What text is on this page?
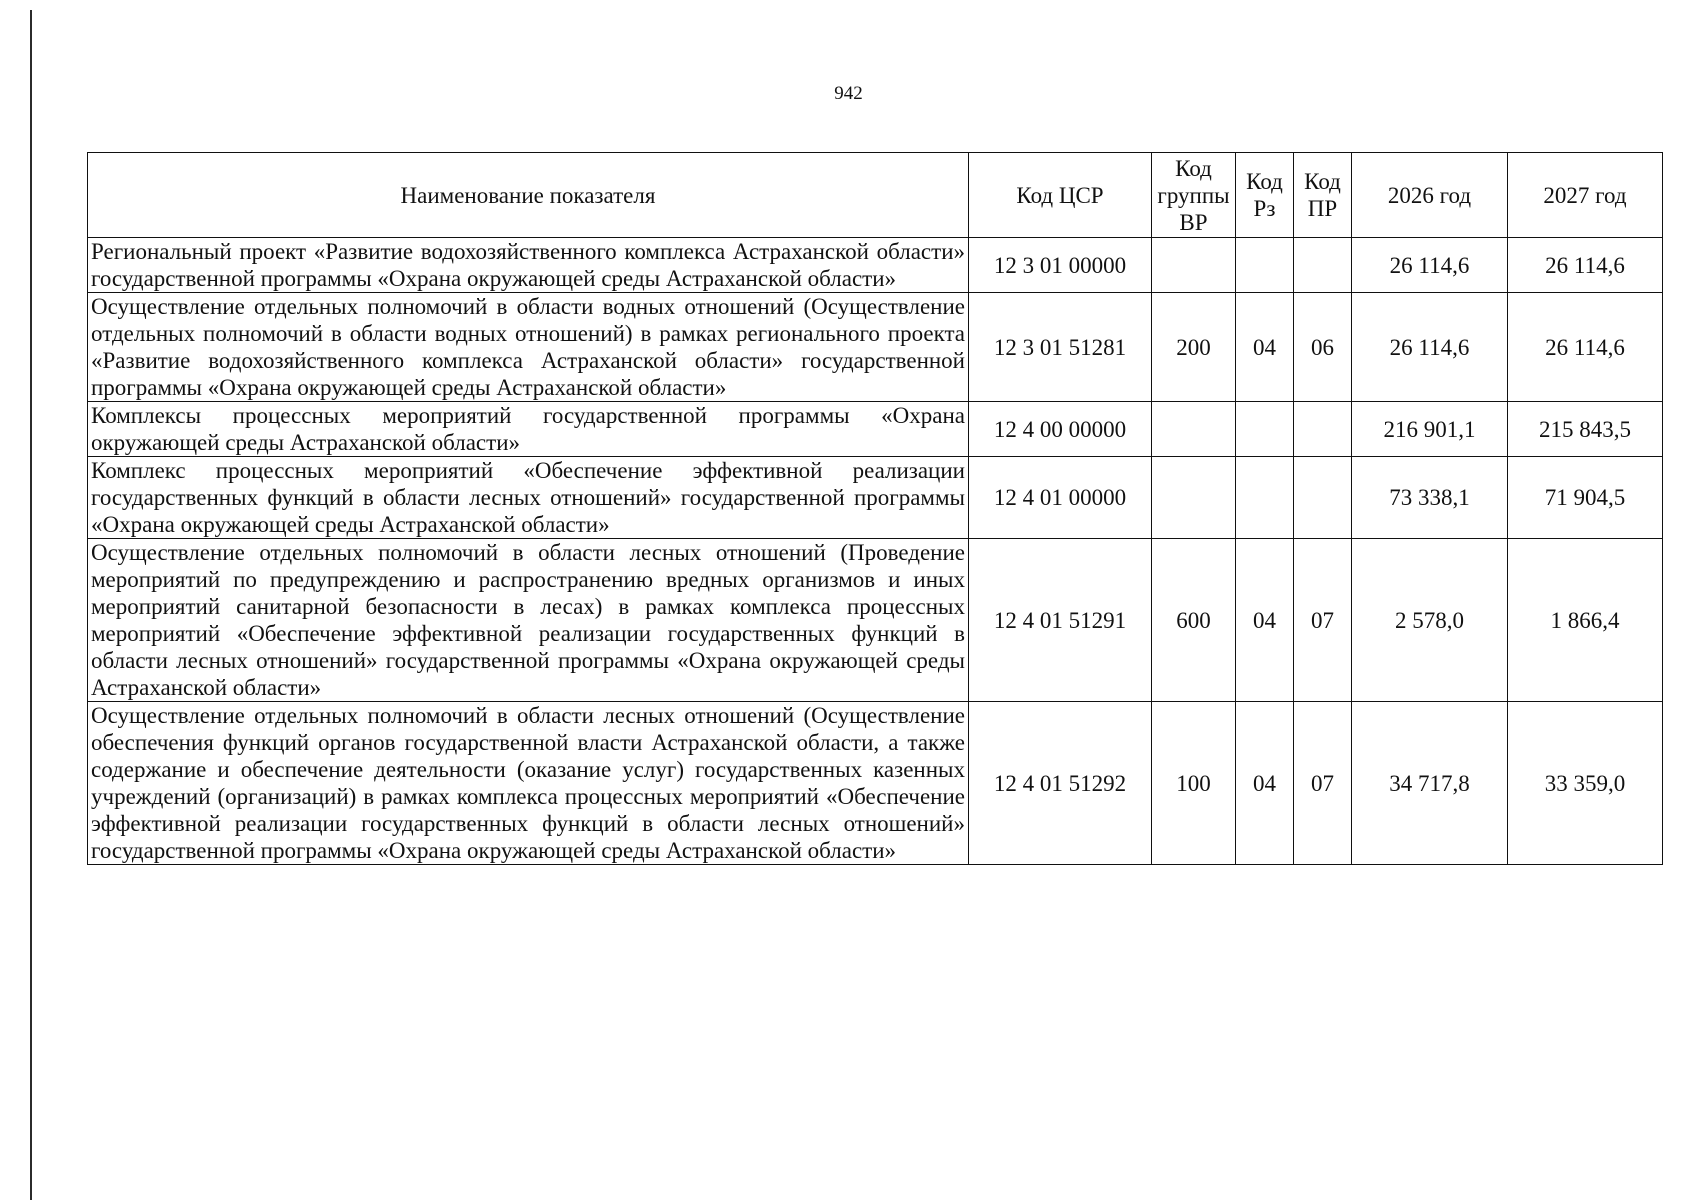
942
Наименование показателя	Код ЦСР	Код группы ВР	Код Рз	Код ПР	2026 год	2027 год
Региональный проект «Развитие водохозяйственного комплекса Астраханской области» государственной программы «Охрана окружающей среды Астраханской области»	12 3 01 00000				26 114,6	26 114,6
Осуществление отдельных полномочий в области водных отношений (Осуществление отдельных полномочий в области водных отношений) в рамках регионального проекта «Развитие водохозяйственного комплекса Астраханской области» государственной программы «Охрана окружающей среды Астраханской области»	12 3 01 51281	200	04	06	26 114,6	26 114,6
Комплексы процессных мероприятий государственной программы «Охрана окружающей среды Астраханской области»	12 4 00 00000				216 901,1	215 843,5
Комплекс процессных мероприятий «Обеспечение эффективной реализации государственных функций в области лесных отношений» государственной программы «Охрана окружающей среды Астраханской области»	12 4 01 00000				73 338,1	71 904,5
Осуществление отдельных полномочий в области лесных отношений (Проведение мероприятий по предупреждению и распространению вредных организмов и иных мероприятий санитарной безопасности в лесах) в рамках комплекса процессных мероприятий «Обеспечение эффективной реализации государственных функций в области лесных отношений» государственной программы «Охрана окружающей среды Астраханской области»	12 4 01 51291	600	04	07	2 578,0	1 866,4
Осуществление отдельных полномочий в области лесных отношений (Осуществление обеспечения функций органов государственной власти Астраханской области, а также содержание и обеспечение деятельности (оказание услуг) государственных казенных учреждений (организаций) в рамках комплекса процессных мероприятий «Обеспечение эффективной реализации государственных функций в области лесных отношений» государственной программы «Охрана окружающей среды Астраханской области»	12 4 01 51292	100	04	07	34 717,8	33 359,0
